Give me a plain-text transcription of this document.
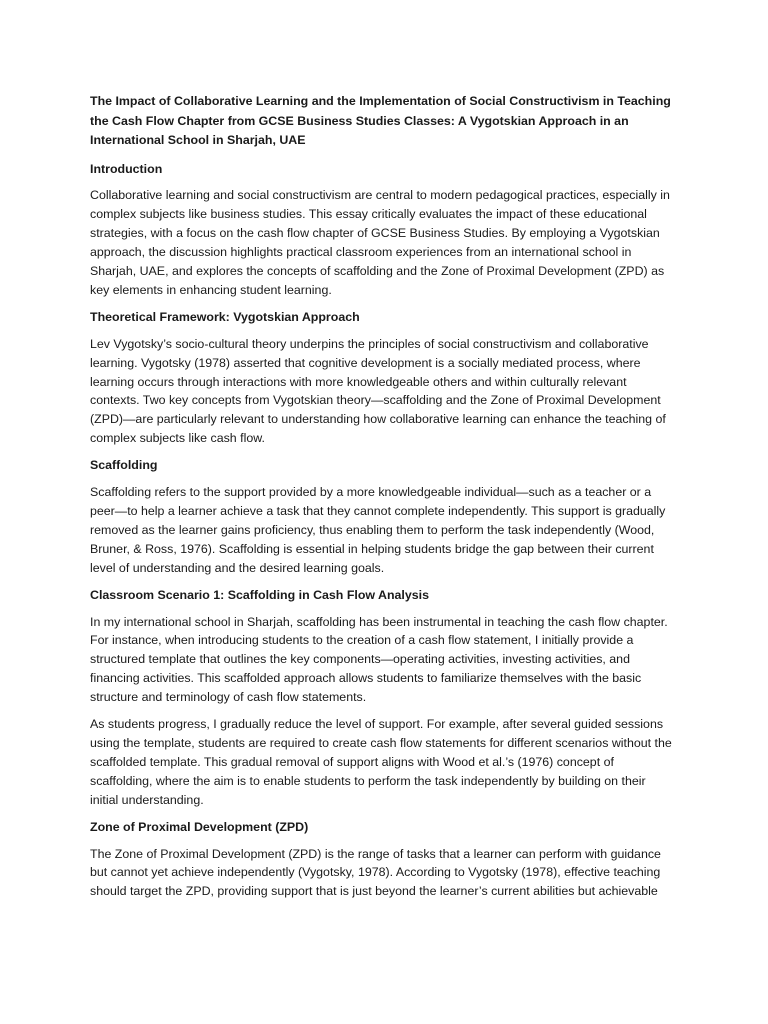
The Impact of Collaborative Learning and the Implementation of Social Constructivism in Teaching the Cash Flow Chapter from GCSE Business Studies Classes: A Vygotskian Approach in an International School in Sharjah, UAE
Introduction

Collaborative learning and social constructivism are central to modern pedagogical practices, especially in complex subjects like business studies. This essay critically evaluates the impact of these educational strategies, with a focus on the cash flow chapter of GCSE Business Studies. By employing a Vygotskian approach, the discussion highlights practical classroom experiences from an international school in Sharjah, UAE, and explores the concepts of scaffolding and the Zone of Proximal Development (ZPD) as key elements in enhancing student learning.

Theoretical Framework: Vygotskian Approach

Lev Vygotsky’s socio-cultural theory underpins the principles of social constructivism and collaborative learning. Vygotsky (1978) asserted that cognitive development is a socially mediated process, where learning occurs through interactions with more knowledgeable others and within culturally relevant contexts. Two key concepts from Vygotskian theory—scaffolding and the Zone of Proximal Development (ZPD)—are particularly relevant to understanding how collaborative learning can enhance the teaching of complex subjects like cash flow.

Scaffolding

Scaffolding refers to the support provided by a more knowledgeable individual—such as a teacher or a peer—to help a learner achieve a task that they cannot complete independently. This support is gradually removed as the learner gains proficiency, thus enabling them to perform the task independently (Wood, Bruner, & Ross, 1976). Scaffolding is essential in helping students bridge the gap between their current level of understanding and the desired learning goals.

Classroom Scenario 1: Scaffolding in Cash Flow Analysis

In my international school in Sharjah, scaffolding has been instrumental in teaching the cash flow chapter. For instance, when introducing students to the creation of a cash flow statement, I initially provide a structured template that outlines the key components—operating activities, investing activities, and financing activities. This scaffolded approach allows students to familiarize themselves with the basic structure and terminology of cash flow statements.

As students progress, I gradually reduce the level of support. For example, after several guided sessions using the template, students are required to create cash flow statements for different scenarios without the scaffolded template. This gradual removal of support aligns with Wood et al.’s (1976) concept of scaffolding, where the aim is to enable students to perform the task independently by building on their initial understanding.

Zone of Proximal Development (ZPD)

The Zone of Proximal Development (ZPD) is the range of tasks that a learner can perform with guidance but cannot yet achieve independently (Vygotsky, 1978). According to Vygotsky (1978), effective teaching should target the ZPD, providing support that is just beyond the learner’s current abilities but achievable
